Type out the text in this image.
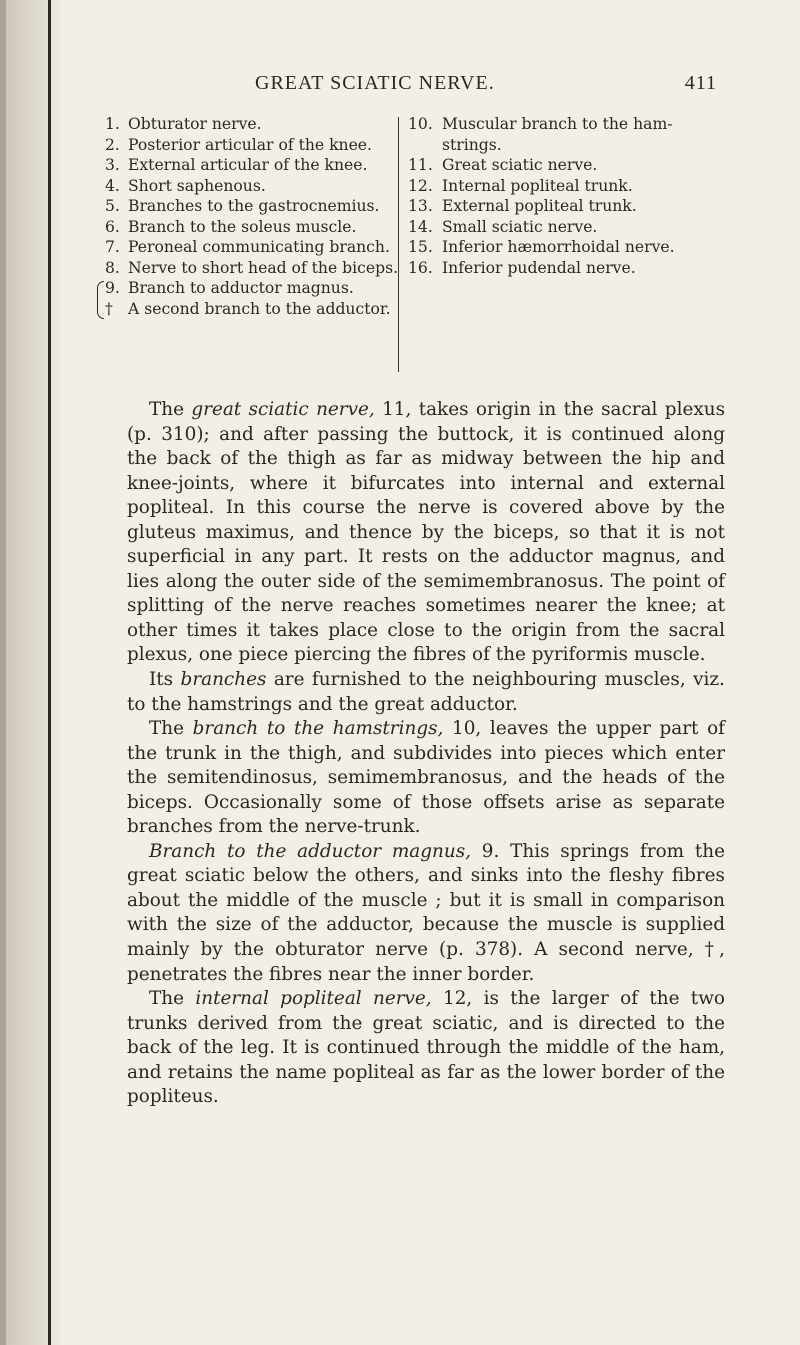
GREAT SCIATIC NERVE.	411
1. Obturator nerve.
2. Posterior articular of the knee.
3. External articular of the knee.
4. Short saphenous.
5. Branches to the gastrocnemius.
6. Branch to the soleus muscle.
7. Peroneal communicating branch.
8. Nerve to short head of the biceps.
9. Branch to adductor magnus.
† A second branch to the adductor.
10. Muscular branch to the ham-
strings.
11. Great sciatic nerve.
12. Internal popliteal trunk.
13. External popliteal trunk.
14. Small sciatic nerve.
15. Inferior hæmorrhoidal nerve.
16. Inferior pudendal nerve.

The great sciatic nerve, 11, takes origin in the sacral plexus (p. 310); and after passing the buttock, it is continued along the back of the thigh as far as midway between the hip and knee-joints, where it bifurcates into internal and external popliteal. In this course the nerve is covered above by the gluteus maximus, and thence by the biceps, so that it is not superficial in any part. It rests on the adductor magnus, and lies along the outer side of the semimembranosus. The point of splitting of the nerve reaches sometimes nearer the knee; at other times it takes place close to the origin from the sacral plexus, one piece piercing the fibres of the pyriformis muscle.

Its branches are furnished to the neighbouring muscles, viz. to the hamstrings and the great adductor.

The branch to the hamstrings, 10, leaves the upper part of the trunk in the thigh, and subdivides into pieces which enter the semitendinosus, semimembranosus, and the heads of the biceps. Occasionally some of those offsets arise as separate branches from the nerve-trunk.

Branch to the adductor magnus, 9. This springs from the great sciatic below the others, and sinks into the fleshy fibres about the middle of the muscle ; but it is small in comparison with the size of the adductor, because the muscle is supplied mainly by the obturator nerve (p. 378). A second nerve, †, penetrates the fibres near the inner border.

The internal popliteal nerve, 12, is the larger of the two trunks derived from the great sciatic, and is directed to the back of the leg. It is continued through the middle of the ham, and retains the name popliteal as far as the lower border of the popliteus.
